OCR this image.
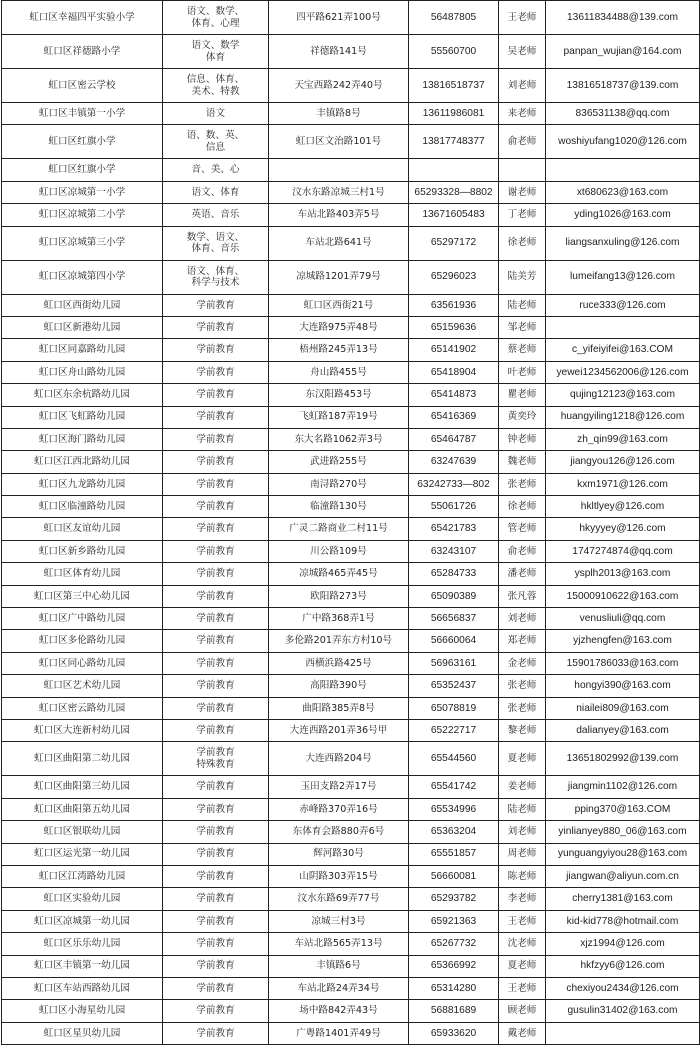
虹口区幸福四平实验小学	语文、数学、
体育、心理	四平路621弄100号	56487805	王老师	13611834488@139.com
虹口区祥德路小学	语文、数学
体育	祥德路141号	55560700	吴老师	panpan_wujian@164.com
虹口区密云学校	信息、体育、
美术、特教	天宝西路242弄40号	13816518737	刘老师	13816518737@139.com
虹口区丰镇第一小学	语文	丰镇路8号	13611986081	来老师	836531138@qq.com
虹口区红旗小学	语、数、英、
信息	虹口区文治路101号	13817748377	俞老师	woshiyufang1020@126.com
虹口区红旗小学	音、美、心				

虹口区凉城第一小学	语文、体育	汶水东路凉城三村1号	65293328—8802	谢老师	xt680623@163.com
虹口区凉城第二小学	英语、音乐	车站北路403弄5号	13671605483	丁老师	yding1026@163.com
虹口区凉城第三小学	数学、语文、
体育、音乐	车站北路641号	65297172	徐老师	liangsanxuling@126.com
虹口区凉城第四小学	语文、体育、
科学与技术	凉城路1201弄79号	65296023	陆美芳	lumeifang13@126.com
虹口区西街幼儿园	学前教育	虹口区西街21号	63561936	陆老师	ruce333@126.com
虹口区新港幼儿园	学前教育	大连路975弄48号	65159636	邹老师	
虹口区同嘉路幼儿园	学前教育	梧州路245弄13号	65141902	蔡老师	c_yifeiyifei@163.COM
虹口区舟山路幼儿园	学前教育	舟山路455号	65418904	叶老师	yewei1234562006@126.com
虹口区东余杭路幼儿园	学前教育	东汉阳路453号	65414873	瞿老师	qujing12123@163.com
虹口区飞虹路幼儿园	学前教育	飞虹路187弄19号	65416369	黄奕玲	huangyiling1218@126.com
虹口区海门路幼儿园	学前教育	东大名路1062弄3号	65464787	钟老师	zh_qin99@163.com
虹口区江西北路幼儿园	学前教育	武进路255号	63247639	魏老师	jiangyou126@126.com
虹口区九龙路幼儿园	学前教育	南浔路270号	63242733—802	张老师	kxm1971@126.com
虹口区临潼路幼儿园	学前教育	临潼路130号	55061726	徐老师	hkltlyey@126.com
虹口区友谊幼儿园	学前教育	广灵二路商业二村11号	65421783	管老师	hkyyyey@126.com
虹口区新乡路幼儿园	学前教育	川公路109号	63243107	俞老师	1747274874@qq.com
虹口区体育幼儿园	学前教育	凉城路465弄45号	65284733	潘老师	ysplh2013@163.com
虹口区第三中心幼儿园	学前教育	欧阳路273号	65090389	张凡蓉	15000910622@163.com
虹口区广中路幼儿园	学前教育	广中路368弄1号	56656837	刘老师	venusliuli@qq.com
虹口区多伦路幼儿园	学前教育	多伦路201弄东方村10号	56660064	郑老师	yjzhengfen@163.com
虹口区同心路幼儿园	学前教育	西横浜路425号	56963161	金老师	15901786033@163.com
虹口区艺术幼儿园	学前教育	高阳路390号	65352437	张老师	hongyi390@163.com
虹口区密云路幼儿园	学前教育	曲阳路385弄8号	65078819	张老师	niailei809@163.com
虹口区大连新村幼儿园	学前教育	大连西路201弄36号甲	65222717	黎老师	dalianyey@163.com
虹口区曲阳第二幼儿园	学前教育
特殊教育	大连西路204号	65544560	夏老师	13651802992@139.com
虹口区曲阳第三幼儿园	学前教育	玉田支路2弄17号	65541742	姜老师	jiangmin1102@126.com
虹口区曲阳第五幼儿园	学前教育	赤峰路370弄16号	65534996	陆老师	pping370@163.COM
虹口区银联幼儿园	学前教育	东体育会路880弄6号	65363204	刘老师	yinlianyey880_06@163.com
虹口区运光第一幼儿园	学前教育	辉河路30号	65551857	周老师	yunguangyiyou28@163.com
虹口区江湾路幼儿园	学前教育	山阴路303弄15号	56660081	陈老师	jiangwan@aliyun.com.cn
虹口区实验幼儿园	学前教育	汶水东路69弄77号	65293782	李老师	cherry1381@163.com
虹口区凉城第一幼儿园	学前教育	凉城三村3号	65921363	王老师	kid-kid778@hotmail.com
虹口区乐乐幼儿园	学前教育	车站北路565弄13号	65267732	沈老师	xjz1994@126.com
虹口区丰镇第一幼儿园	学前教育	丰镇路6号	65366992	夏老师	hkfzyy6@126.com
虹口区车站西路幼儿园	学前教育	车站北路24弄34号	65314280	王老师	chexiyou2434@126.com
虹口区小海星幼儿园	学前教育	场中路842弄43号	56881689	顾老师	gusulin31402@163.com
虹口区星贝幼儿园	学前教育	广粤路1401弄49号	65933620	戴老师	
